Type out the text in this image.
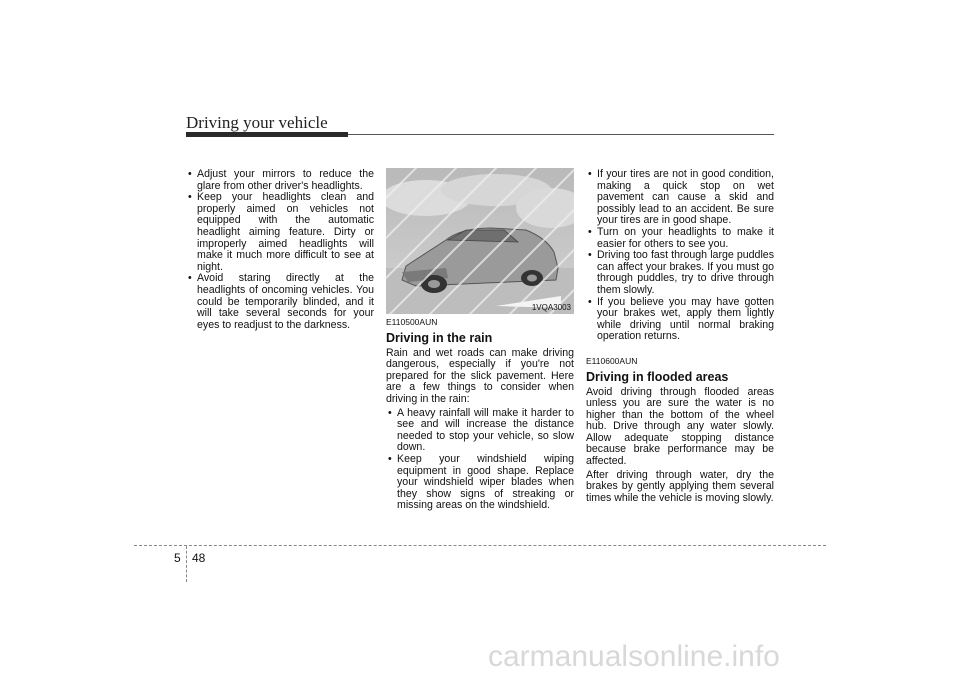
Driving your vehicle
• Adjust your mirrors to reduce the glare from other driver's headlights.
• Keep your headlights clean and properly aimed on vehicles not equipped with the automatic headlight aiming feature. Dirty or improperly aimed headlights will make it much more difficult to see at night.
• Avoid staring directly at the headlights of oncoming vehicles. You could be temporarily blinded, and it will take several seconds for your eyes to readjust to the darkness.
1VQA3003
E110500AUN
Driving in the rain

Rain and wet roads can make driving dangerous, especially if you're not prepared for the slick pavement. Here are a few things to consider when driving in the rain:

• A heavy rainfall will make it harder to see and will increase the distance needed to stop your vehicle, so slow down.
• Keep your windshield wiping equipment in good shape. Replace your windshield wiper blades when they show signs of streaking or missing areas on the windshield.
• If your tires are not in good condition, making a quick stop on wet pavement can cause a skid and possibly lead to an accident. Be sure your tires are in good shape.
• Turn on your headlights to make it easier for others to see you.
• Driving too fast through large puddles can affect your brakes. If you must go through puddles, try to drive through them slowly.
• If you believe you may have gotten your brakes wet, apply them lightly while driving until normal braking operation returns.
E110600AUN
Driving in flooded areas

Avoid driving through flooded areas unless you are sure the water is no higher than the bottom of the wheel hub. Drive through any water slowly. Allow adequate stopping distance because brake performance may be affected.

After driving through water, dry the brakes by gently applying them several times while the vehicle is moving slowly.

5 48
carmanualsonline.info
